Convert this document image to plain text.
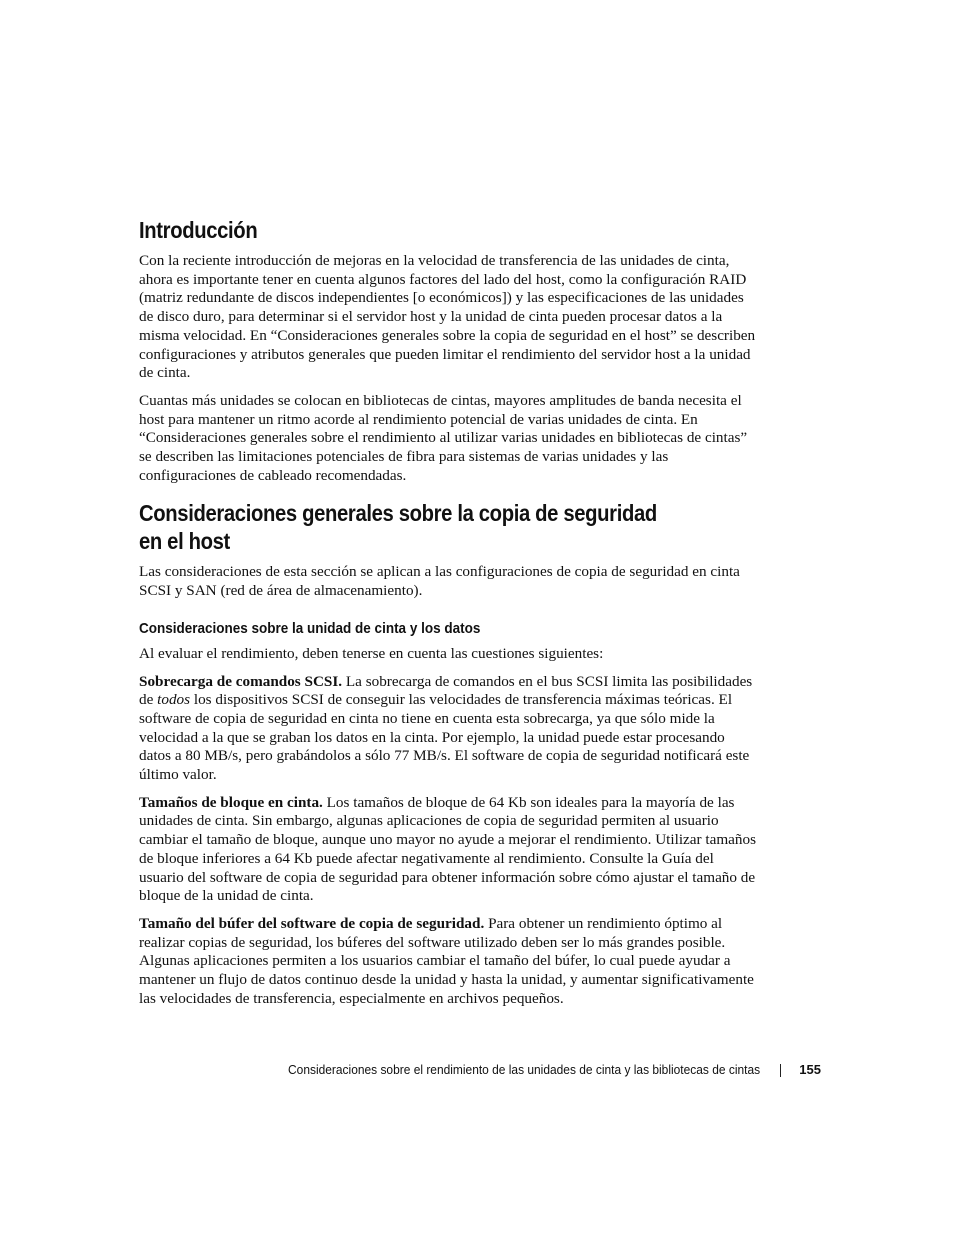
Introducción

Con la reciente introducción de mejoras en la velocidad de transferencia de las unidades de cinta, ahora es importante tener en cuenta algunos factores del lado del host, como la configuración RAID (matriz redundante de discos independientes [o económicos]) y las especificaciones de las unidades de disco duro, para determinar si el servidor host y la unidad de cinta pueden procesar datos a la misma velocidad. En “Consideraciones generales sobre la copia de seguridad en el host” se describen configuraciones y atributos generales que pueden limitar el rendimiento del servidor host a la unidad de cinta.

Cuantas más unidades se colocan en bibliotecas de cintas, mayores amplitudes de banda necesita el host para mantener un ritmo acorde al rendimiento potencial de varias unidades de cinta. En “Consideraciones generales sobre el rendimiento al utilizar varias unidades en bibliotecas de cintas” se describen las limitaciones potenciales de fibra para sistemas de varias unidades y las configuraciones de cableado recomendadas.

Consideraciones generales sobre la copia de seguridad
en el host

Las consideraciones de esta sección se aplican a las configuraciones de copia de seguridad en cinta SCSI y SAN (red de área de almacenamiento).

Consideraciones sobre la unidad de cinta y los datos

Al evaluar el rendimiento, deben tenerse en cuenta las cuestiones siguientes:

Sobrecarga de comandos SCSI. La sobrecarga de comandos en el bus SCSI limita las posibilidades de todos los dispositivos SCSI de conseguir las velocidades de transferencia máximas teóricas. El software de copia de seguridad en cinta no tiene en cuenta esta sobrecarga, ya que sólo mide la velocidad a la que se graban los datos en la cinta. Por ejemplo, la unidad puede estar procesando datos a 80 MB/s, pero grabándolos a sólo 77 MB/s. El software de copia de seguridad notificará este último valor.

Tamaños de bloque en cinta. Los tamaños de bloque de 64 Kb son ideales para la mayoría de las unidades de cinta. Sin embargo, algunas aplicaciones de copia de seguridad permiten al usuario cambiar el tamaño de bloque, aunque uno mayor no ayude a mejorar el rendimiento. Utilizar tamaños de bloque inferiores a 64 Kb puede afectar negativamente al rendimiento. Consulte la Guía del usuario del software de copia de seguridad para obtener información sobre cómo ajustar el tamaño de bloque de la unidad de cinta.

Tamaño del búfer del software de copia de seguridad. Para obtener un rendimiento óptimo al realizar copias de seguridad, los búferes del software utilizado deben ser lo más grandes posible. Algunas aplicaciones permiten a los usuarios cambiar el tamaño del búfer, lo cual puede ayudar a mantener un flujo de datos continuo desde la unidad y hasta la unidad, y aumentar significativamente las velocidades de transferencia, especialmente en archivos pequeños.

Consideraciones sobre el rendimiento de las unidades de cinta y las bibliotecas de cintas	155
